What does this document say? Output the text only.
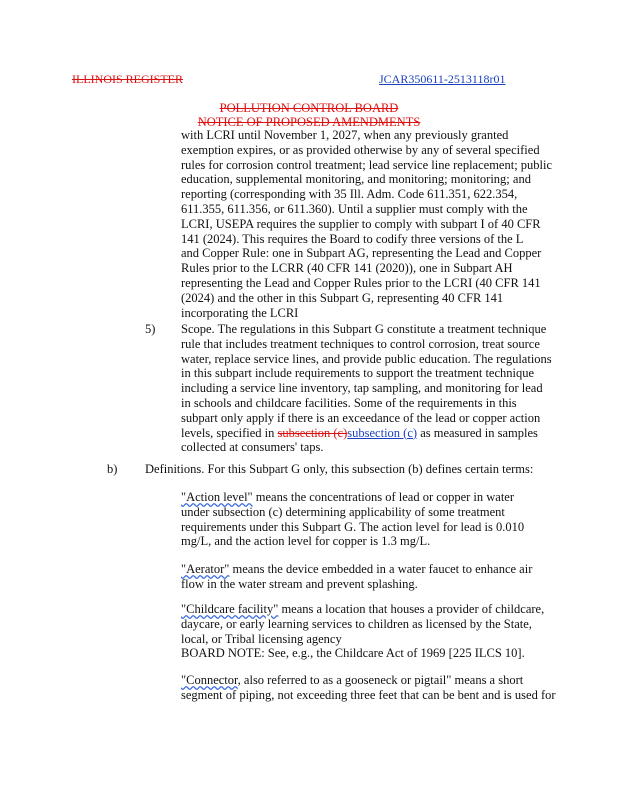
ILLINOIS REGISTER	JCAR350611-2513118r01
POLLUTION CONTROL BOARD
NOTICE OF PROPOSED AMENDMENTS
with LCRI until November 1, 2027, when any previously granted
exemption expires, or as provided otherwise by any of several specified
rules for corrosion control treatment; lead service line replacement; public
education, supplemental monitoring, and monitoring; monitoring; and
reporting (corresponding with 35 Ill. Adm. Code 611.351, 622.354,
611.355, 611.356, or 611.360). Until a supplier must comply with the
LCRI, USEPA requires the supplier to comply with subpart I of 40 CFR
141 (2024). This requires the Board to codify three versions of the L
and Copper Rule: one in Subpart AG, representing the Lead and Copper
Rules prior to the LCRR (40 CFR 141 (2020)), one in Subpart AH
representing the Lead and Copper Rules prior to the LCRI (40 CFR 141
(2024) and the other in this Subpart G, representing 40 CFR 141
incorporating the LCRI
5) Scope. The regulations in this Subpart G constitute a treatment technique
rule that includes treatment techniques to control corrosion, treat source
water, replace service lines, and provide public education. The regulations
in this subpart include requirements to support the treatment technique
including a service line inventory, tap sampling, and monitoring for lead
in schools and childcare facilities. Some of the requirements in this
subpart only apply if there is an exceedance of the lead or copper action
levels, specified in subsection (c)subsection (c) as measured in samples
collected at consumers' taps.
b) Definitions. For this Subpart G only, this subsection (b) defines certain terms:
"Action level" means the concentrations of lead or copper in water
under subsection (c) determining applicability of some treatment
requirements under this Subpart G. The action level for lead is 0.010
mg/L, and the action level for copper is 1.3 mg/L.
"Aerator" means the device embedded in a water faucet to enhance air
flow in the water stream and prevent splashing.
"Childcare facility" means a location that houses a provider of childcare,
daycare, or early learning services to children as licensed by the State,
local, or Tribal licensing agency
BOARD NOTE: See, e.g., the Childcare Act of 1969 [225 ILCS 10].
"Connector, also referred to as a gooseneck or pigtail" means a short
segment of piping, not exceeding three feet that can be bent and is used for
